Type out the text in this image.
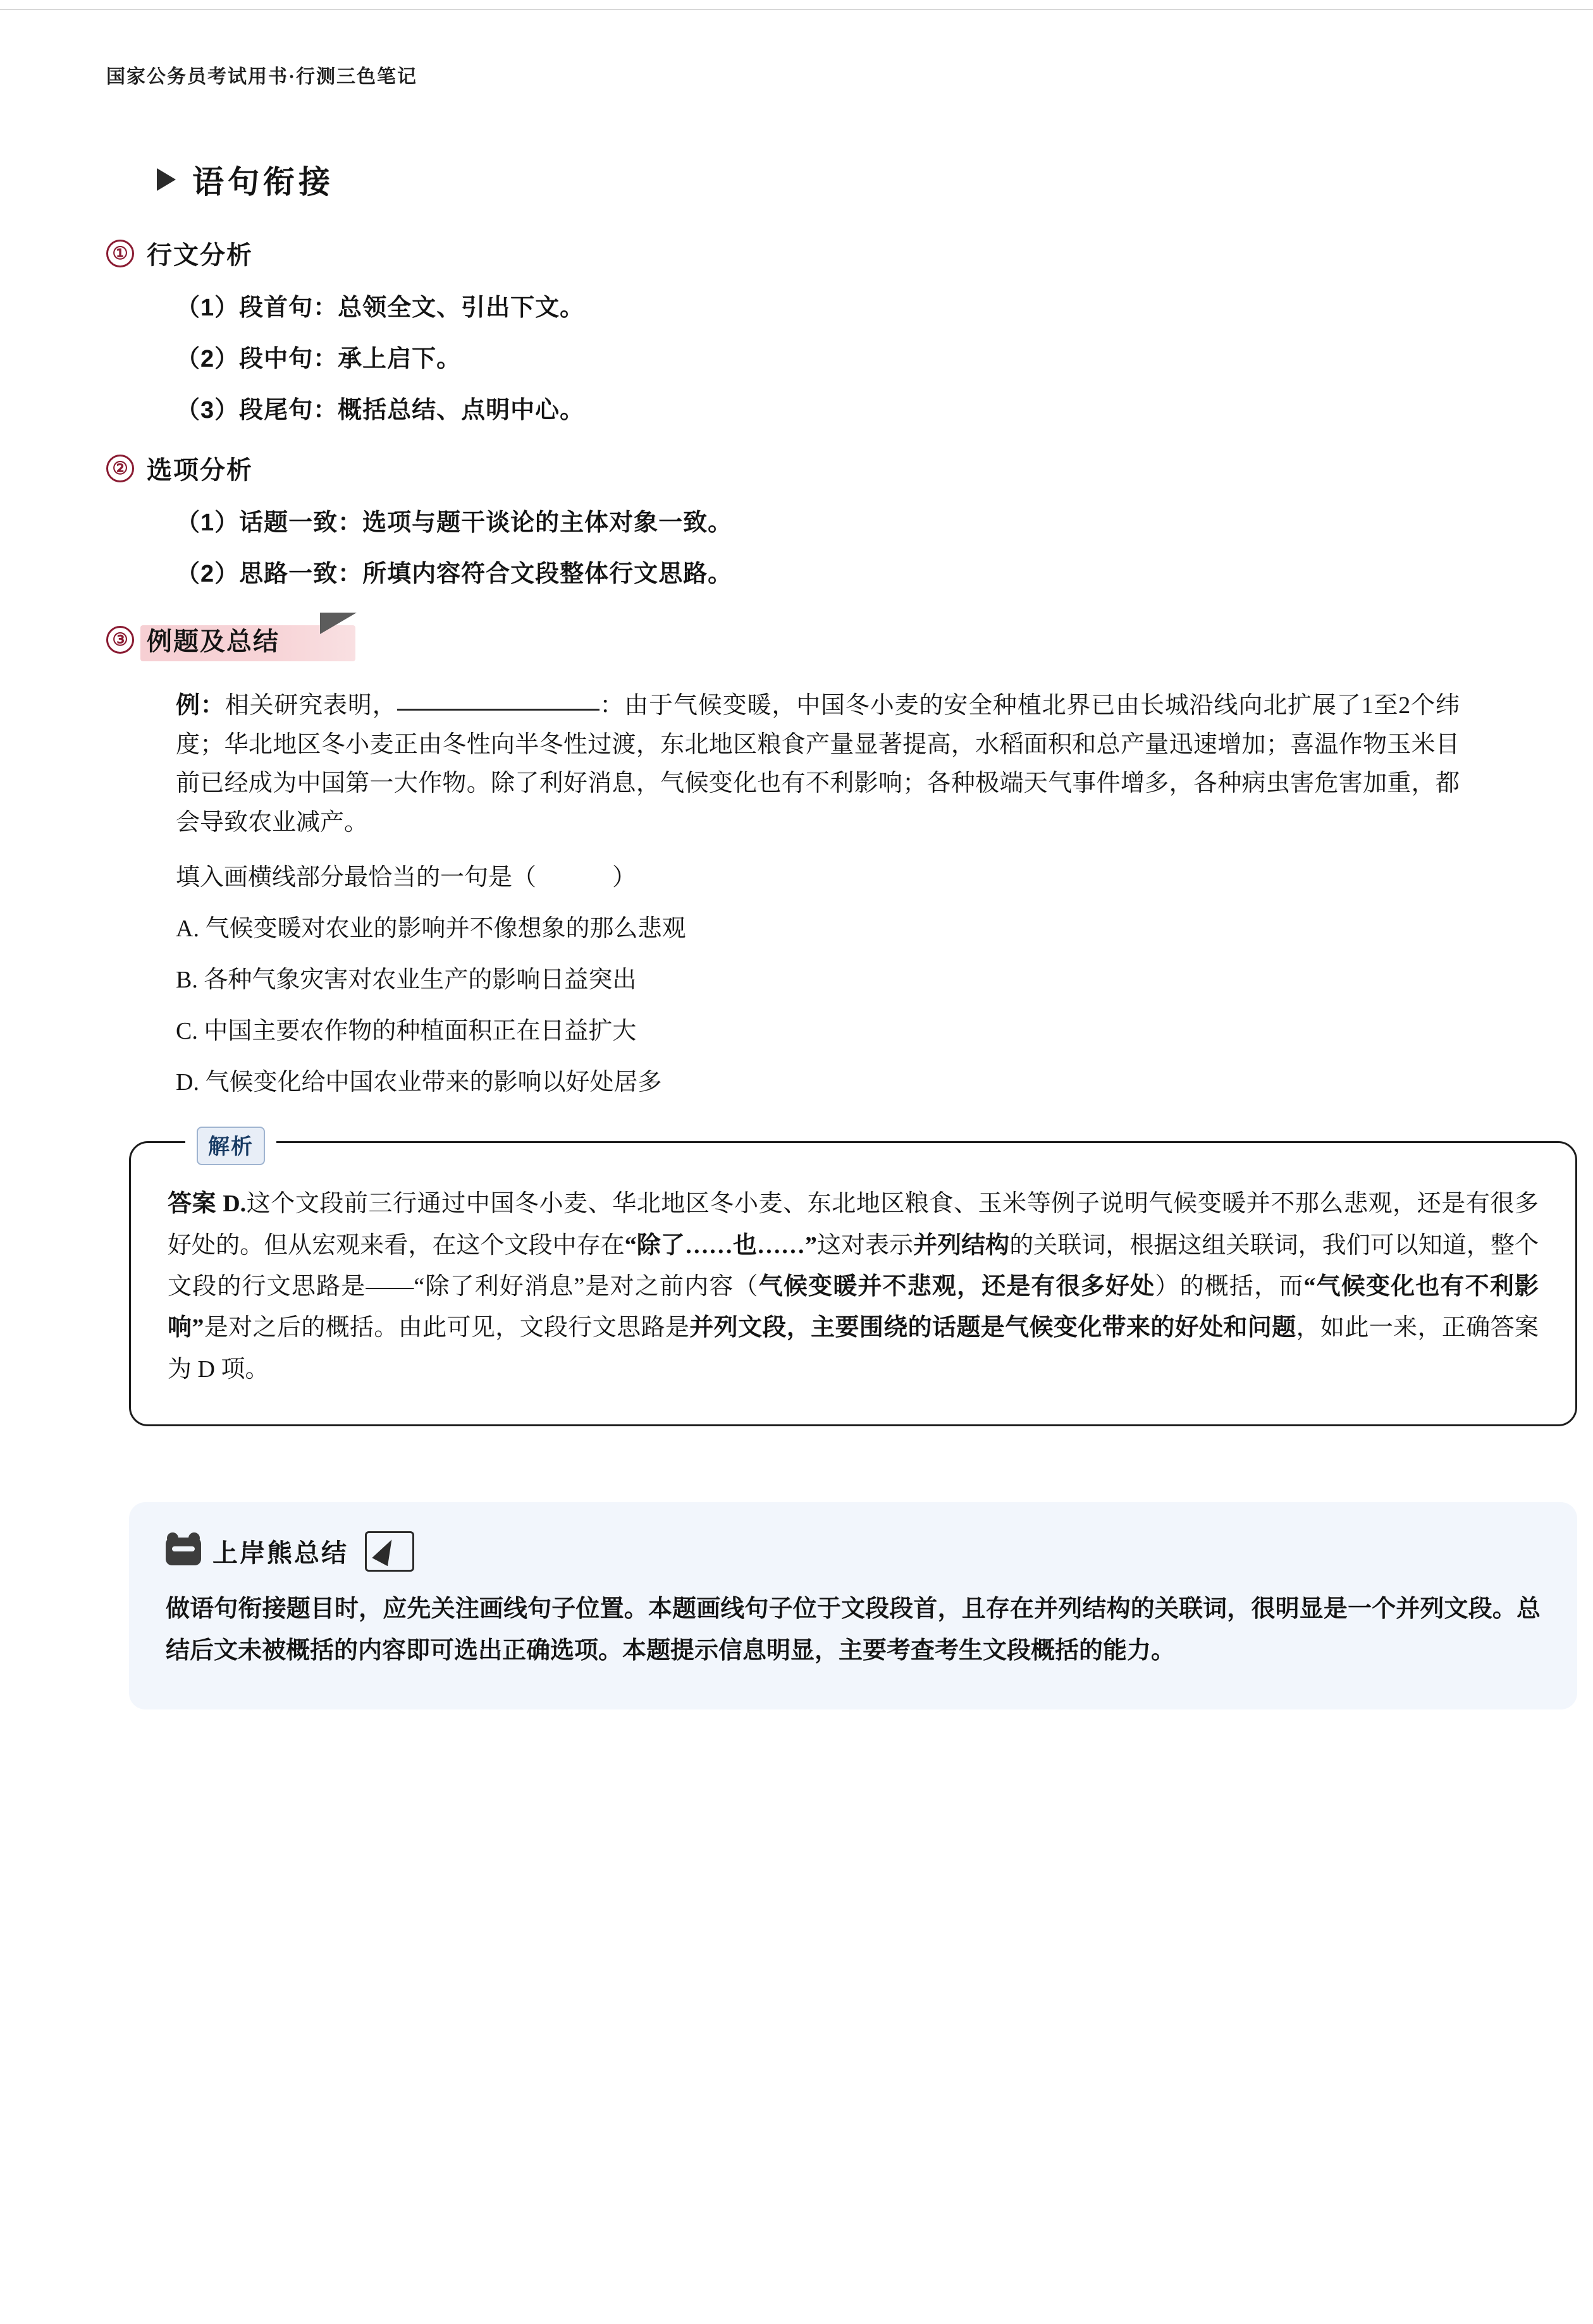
国家公务员考试用书·行测三色笔记
语句衔接
① 行文分析
（1）段首句：总领全文、引出下文。
（2）段中句：承上启下。
（3）段尾句：概括总结、点明中心。
② 选项分析
（1）话题一致：选项与题干谈论的主体对象一致。
（2）思路一致：所填内容符合文段整体行文思路。
③ 例题及总结
例：相关研究表明，	：由于气候变暖，中国冬小麦的安全种植北界已由长城沿线向北扩展了1至2个纬度；华北地区冬小麦正由冬性向半冬性过渡，东北地区粮食产量显著提高，水稻面积和总产量迅速增加；喜温作物玉米目前已经成为中国第一大作物。除了利好消息，气候变化也有不利影响；各种极端天气事件增多，各种病虫害危害加重，都会导致农业减产。
填入画横线部分最恰当的一句是（	）
A. 气候变暖对农业的影响并不像想象的那么悲观
B. 各种气象灾害对农业生产的影响日益突出
C. 中国主要农作物的种植面积正在日益扩大
D. 气候变化给中国农业带来的影响以好处居多
解析
答案 D.这个文段前三行通过中国冬小麦、华北地区冬小麦、东北地区粮食、玉米等例子说明气候变暖并不那么悲观，还是有很多好处的。但从宏观来看，在这个文段中存在“除了……也……”这对表示并列结构的关联词，根据这组关联词，我们可以知道，整个文段的行文思路是——“除了利好消息”是对之前内容（气候变暖并不悲观，还是有很多好处）的概括，而“气候变化也有不利影响”是对之后的概括。由此可见，文段行文思路是并列文段，主要围绕的话题是气候变化带来的好处和问题，如此一来，正确答案为 D 项。
上岸熊总结
做语句衔接题目时，应先关注画线句子位置。本题画线句子位于文段段首，且存在并列结构的关联词，很明显是一个并列文段。总结后文未被概括的内容即可选出正确选项。本题提示信息明显，主要考查考生文段概括的能力。
